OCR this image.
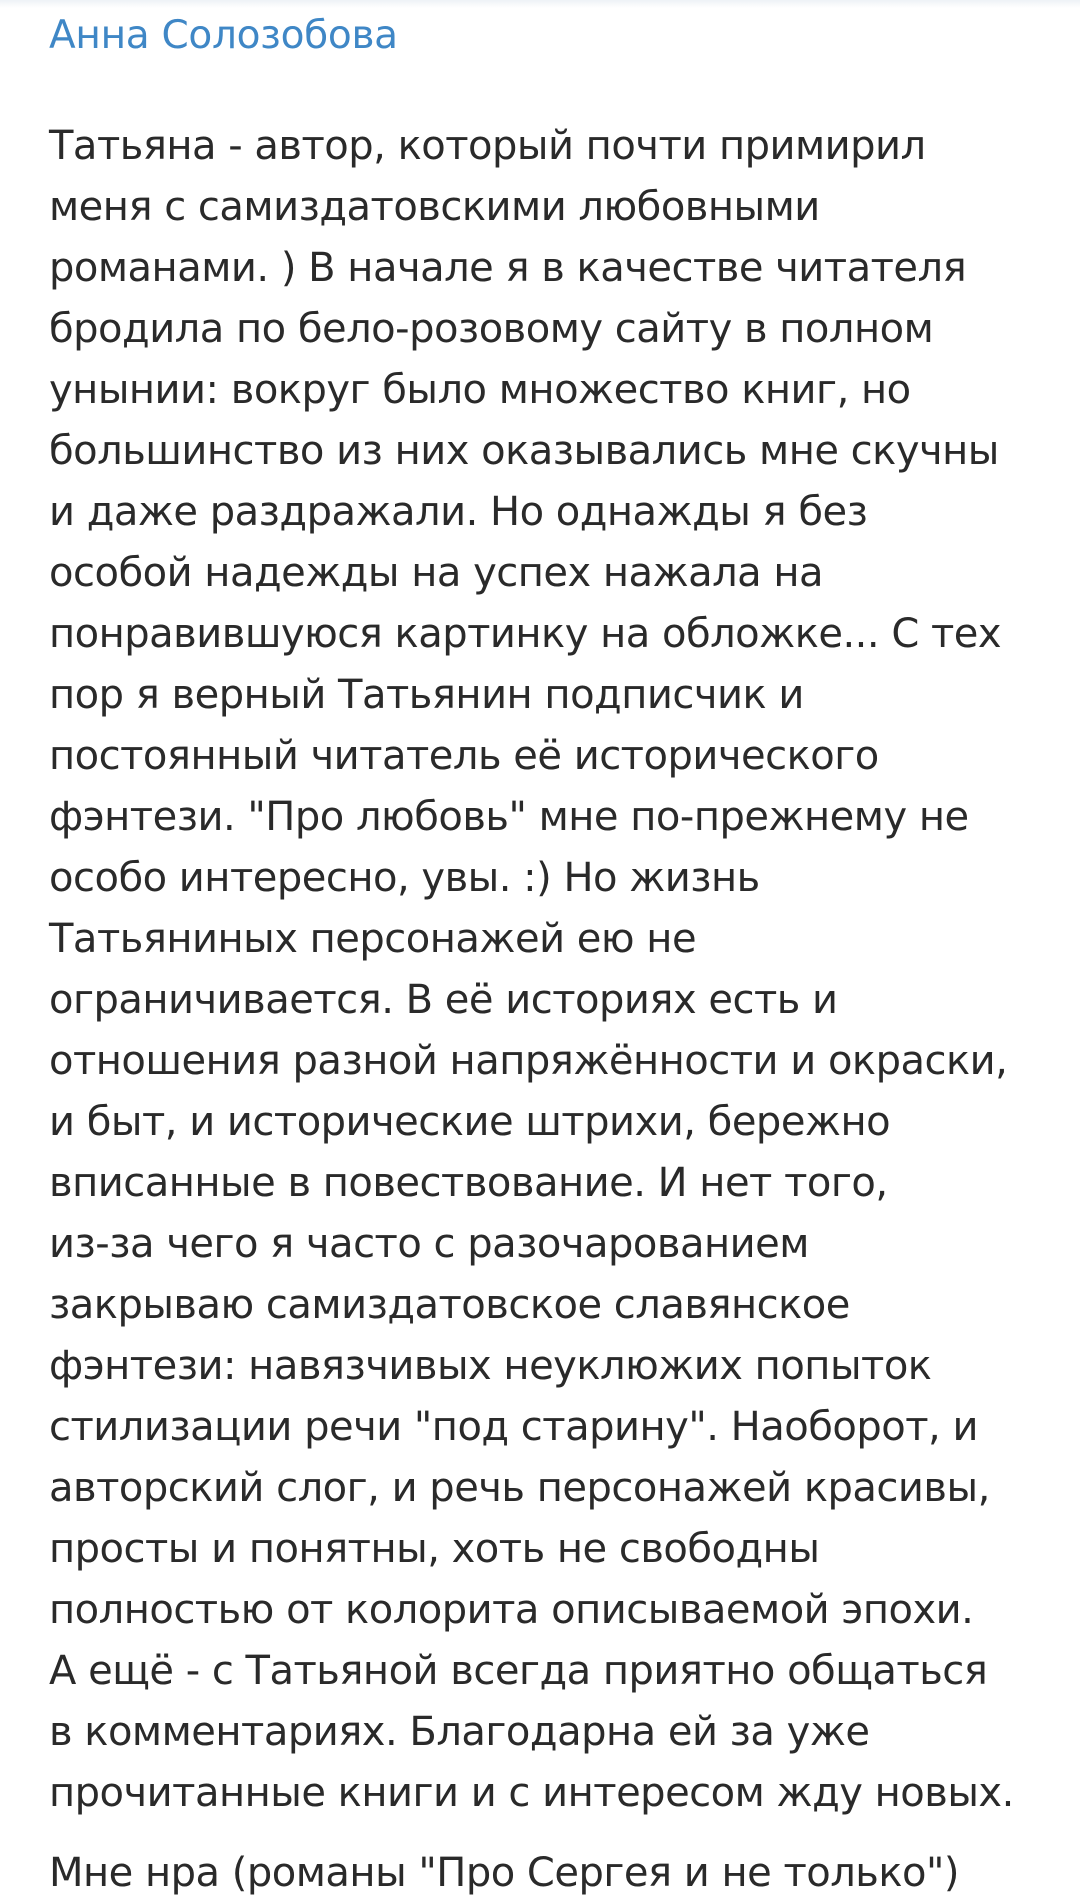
Анна Солозобова
Татьяна - автор, который почти примирил
меня с самиздатовскими любовными
романами. ) В начале я в качестве читателя
бродила по бело-розовому сайту в полном
унынии: вокруг было множество книг, но
большинство из них оказывались мне скучны
и даже раздражали. Но однажды я без
особой надежды на успех нажала на
понравившуюся картинку на обложке... С тех
пор я верный Татьянин подписчик и
постоянный читатель её исторического
фэнтези. "Про любовь" мне по-прежнему не
особо интересно, увы. :) Но жизнь
Татьяниных персонажей ею не
ограничивается. В её историях есть и
отношения разной напряжённости и окраски,
и быт, и исторические штрихи, бережно
вписанные в повествование. И нет того,
из-за чего я часто с разочарованием
закрываю самиздатовское славянское
фэнтези: навязчивых неуклюжих попыток
стилизации речи "под старину". Наоборот, и
авторский слог, и речь персонажей красивы,
просты и понятны, хоть не свободны
полностью от колорита описываемой эпохи.
А ещё - с Татьяной всегда приятно общаться
в комментариях. Благодарна ей за уже
прочитанные книги и с интересом жду новых.
Мне нра (романы "Про Сергея и не только")
